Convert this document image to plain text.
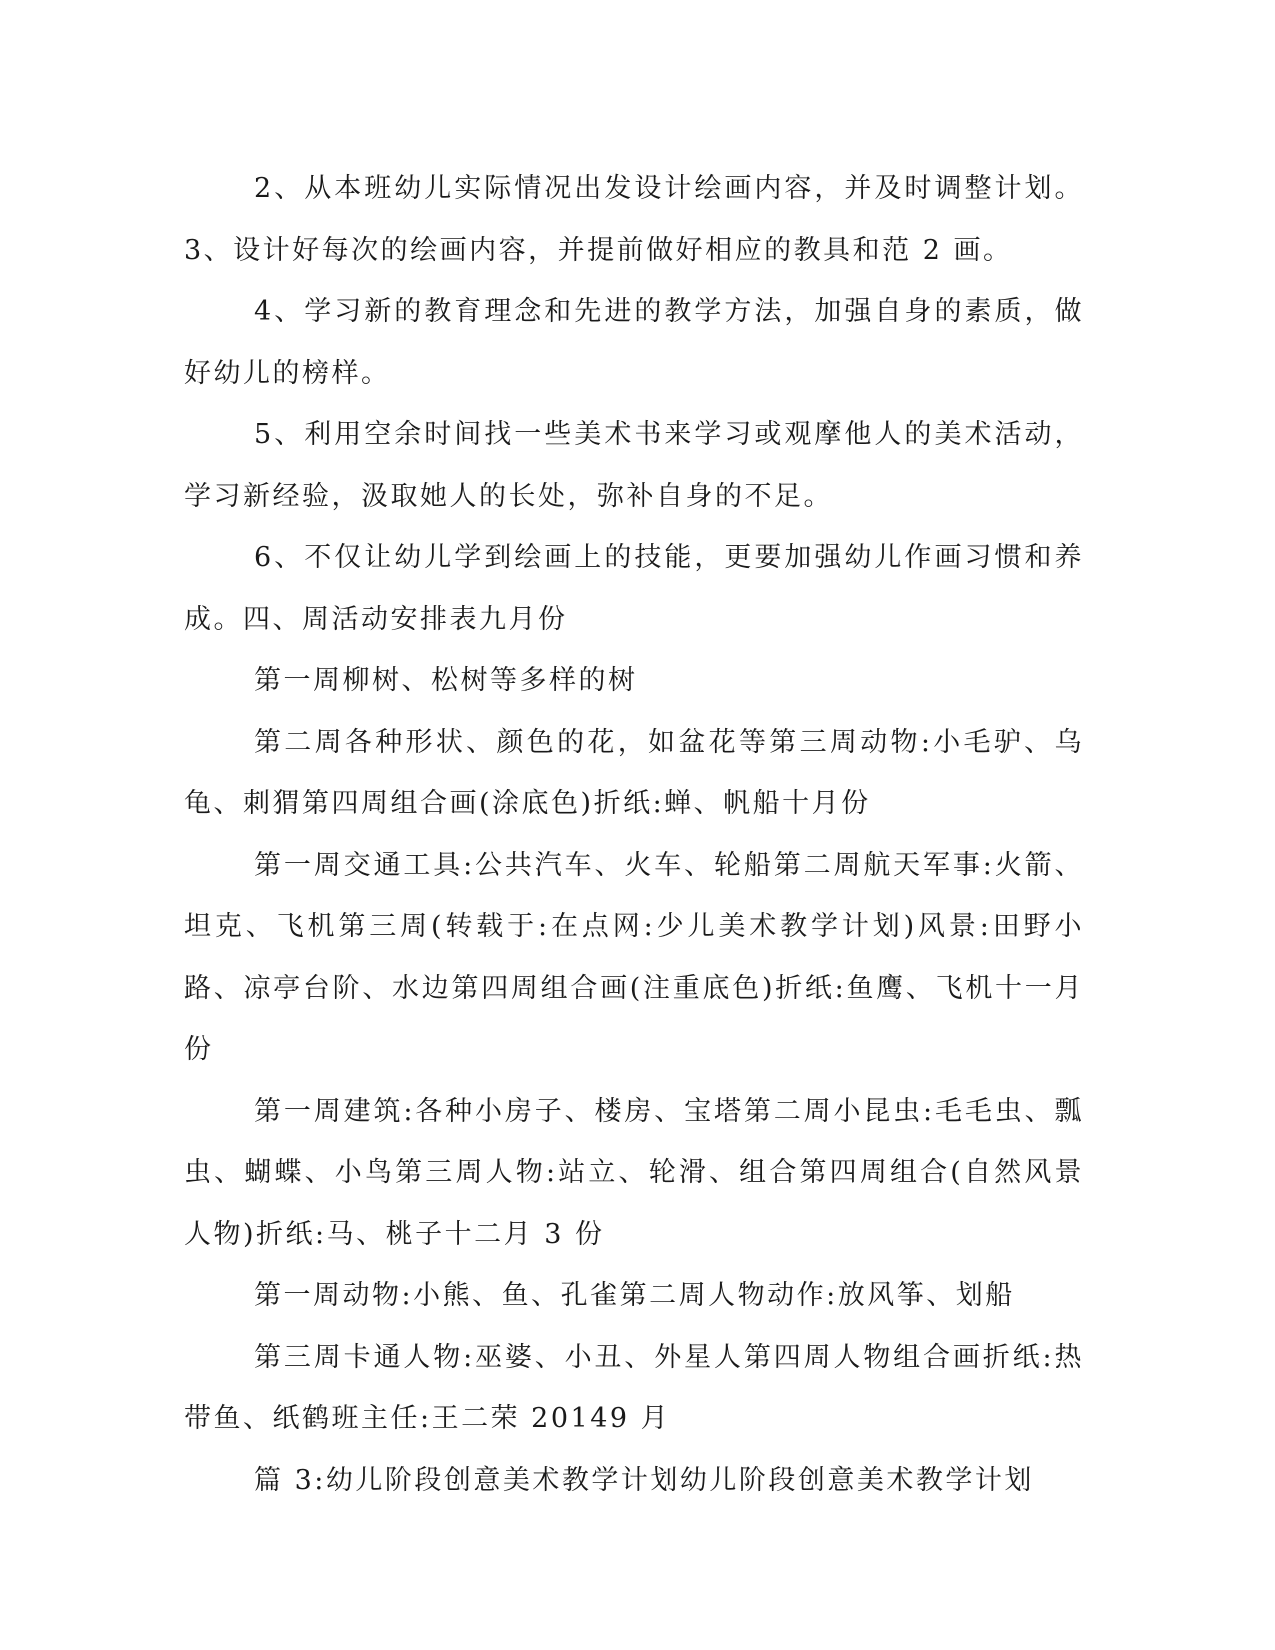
2、从本班幼儿实际情况出发设计绘画内容，并及时调整计划。3、设计好每次的绘画内容，并提前做好相应的教具和范 2 画。

4、学习新的教育理念和先进的教学方法，加强自身的素质，做好幼儿的榜样。

5、利用空余时间找一些美术书来学习或观摩他人的美术活动，学习新经验，汲取她人的长处，弥补自身的不足。

6、不仅让幼儿学到绘画上的技能，更要加强幼儿作画习惯和养成。四、周活动安排表九月份

第一周柳树、松树等多样的树

第二周各种形状、颜色的花，如盆花等第三周动物:小毛驴、乌龟、刺猬第四周组合画(涂底色)折纸:蝉、帆船十月份

第一周交通工具:公共汽车、火车、轮船第二周航天军事:火箭、坦克、飞机第三周(转载于:在点网:少儿美术教学计划)风景:田野小路、凉亭台阶、水边第四周组合画(注重底色)折纸:鱼鹰、飞机十一月份

第一周建筑:各种小房子、楼房、宝塔第二周小昆虫:毛毛虫、瓢虫、蝴蝶、小鸟第三周人物:站立、轮滑、组合第四周组合(自然风景人物)折纸:马、桃子十二月 3 份

第一周动物:小熊、鱼、孔雀第二周人物动作:放风筝、划船

第三周卡通人物:巫婆、小丑、外星人第四周人物组合画折纸:热带鱼、纸鹤班主任:王二荣 20149 月

篇 3:幼儿阶段创意美术教学计划幼儿阶段创意美术教学计划
